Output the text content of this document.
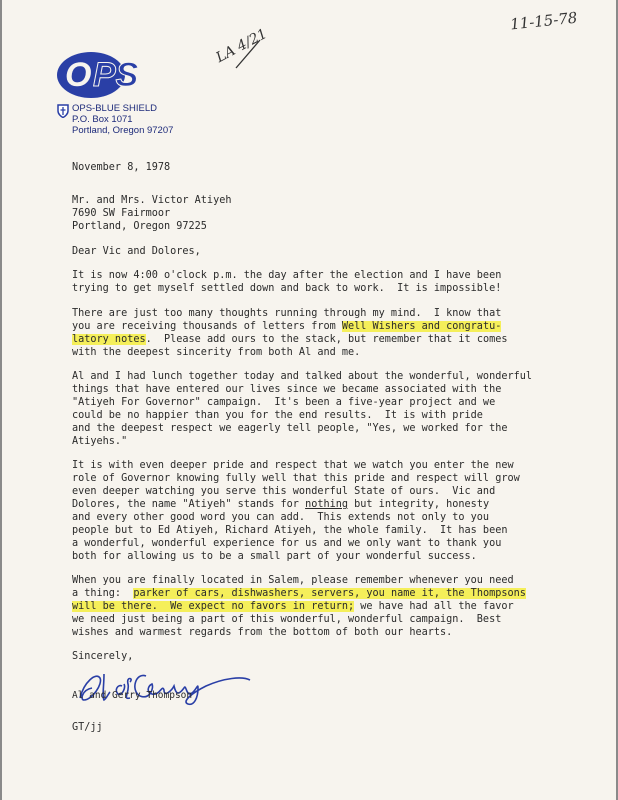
11-15-78
LA 4/21
O PS
OPS-BLUE SHIELD
P.O. Box 1071
Portland, Oregon 97207
November 8, 1978
Mr. and Mrs. Victor Atiyeh
7690 SW Fairmoor
Portland, Oregon 97225
Dear Vic and Dolores,
It is now 4:00 o'clock p.m. the day after the election and I have been
trying to get myself settled down and back to work.  It is impossible!
There are just too many thoughts running through my mind.  I know that
you are receiving thousands of letters from Well Wishers and congratu-
latory notes.  Please add ours to the stack, but remember that it comes
with the deepest sincerity from both Al and me.
Al and I had lunch together today and talked about the wonderful, wonderful
things that have entered our lives since we became associated with the
"Atiyeh For Governor" campaign.  It's been a five-year project and we
could be no happier than you for the end results.  It is with pride
and the deepest respect we eagerly tell people, "Yes, we worked for the
Atiyehs."
It is with even deeper pride and respect that we watch you enter the new
role of Governor knowing fully well that this pride and respect will grow
even deeper watching you serve this wonderful State of ours.  Vic and
Dolores, the name "Atiyeh" stands for nothing but integrity, honesty
and every other good word you can add.  This extends not only to you
people but to Ed Atiyeh, Richard Atiyeh, the whole family.  It has been
a wonderful, wonderful experience for us and we only want to thank you
both for allowing us to be a small part of your wonderful success.
When you are finally located in Salem, please remember whenever you need
a thing:  parker of cars, dishwashers, servers, you name it, the Thompsons
will be there.  We expect no favors in return; we have had all the favor
we need just being a part of this wonderful, wonderful campaign.  Best
wishes and warmest regards from the bottom of both our hearts.
Sincerely,
Al and Gerry Thompson
GT/jj
